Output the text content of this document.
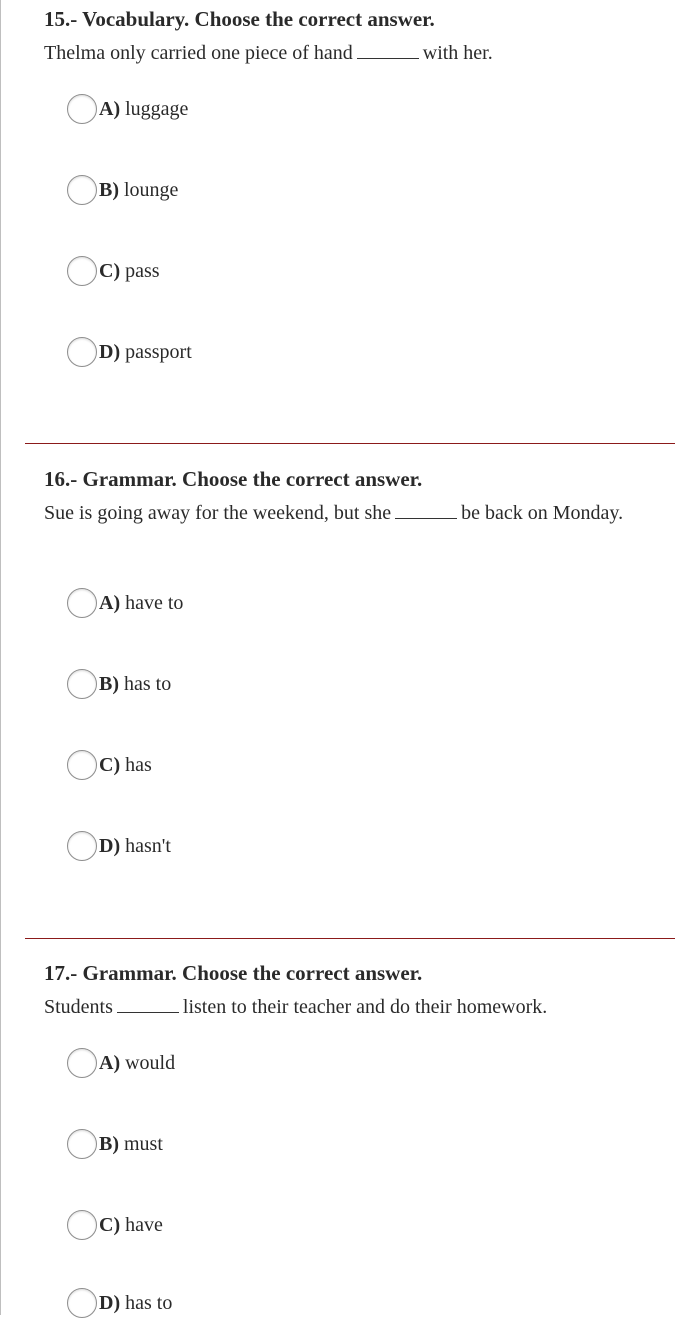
15.- Vocabulary. Choose the correct answer.

Thelma only carried one piece of hand	with her.

A) luggage
B) lounge
C) pass
D) passport

16.- Grammar. Choose the correct answer.

Sue is going away for the weekend, but she	be back on Monday.

A) have to
B) has to
C) has
D) hasn't

17.- Grammar. Choose the correct answer.

Students	listen to their teacher and do their homework.

A) would
B) must
C) have
D) has to
